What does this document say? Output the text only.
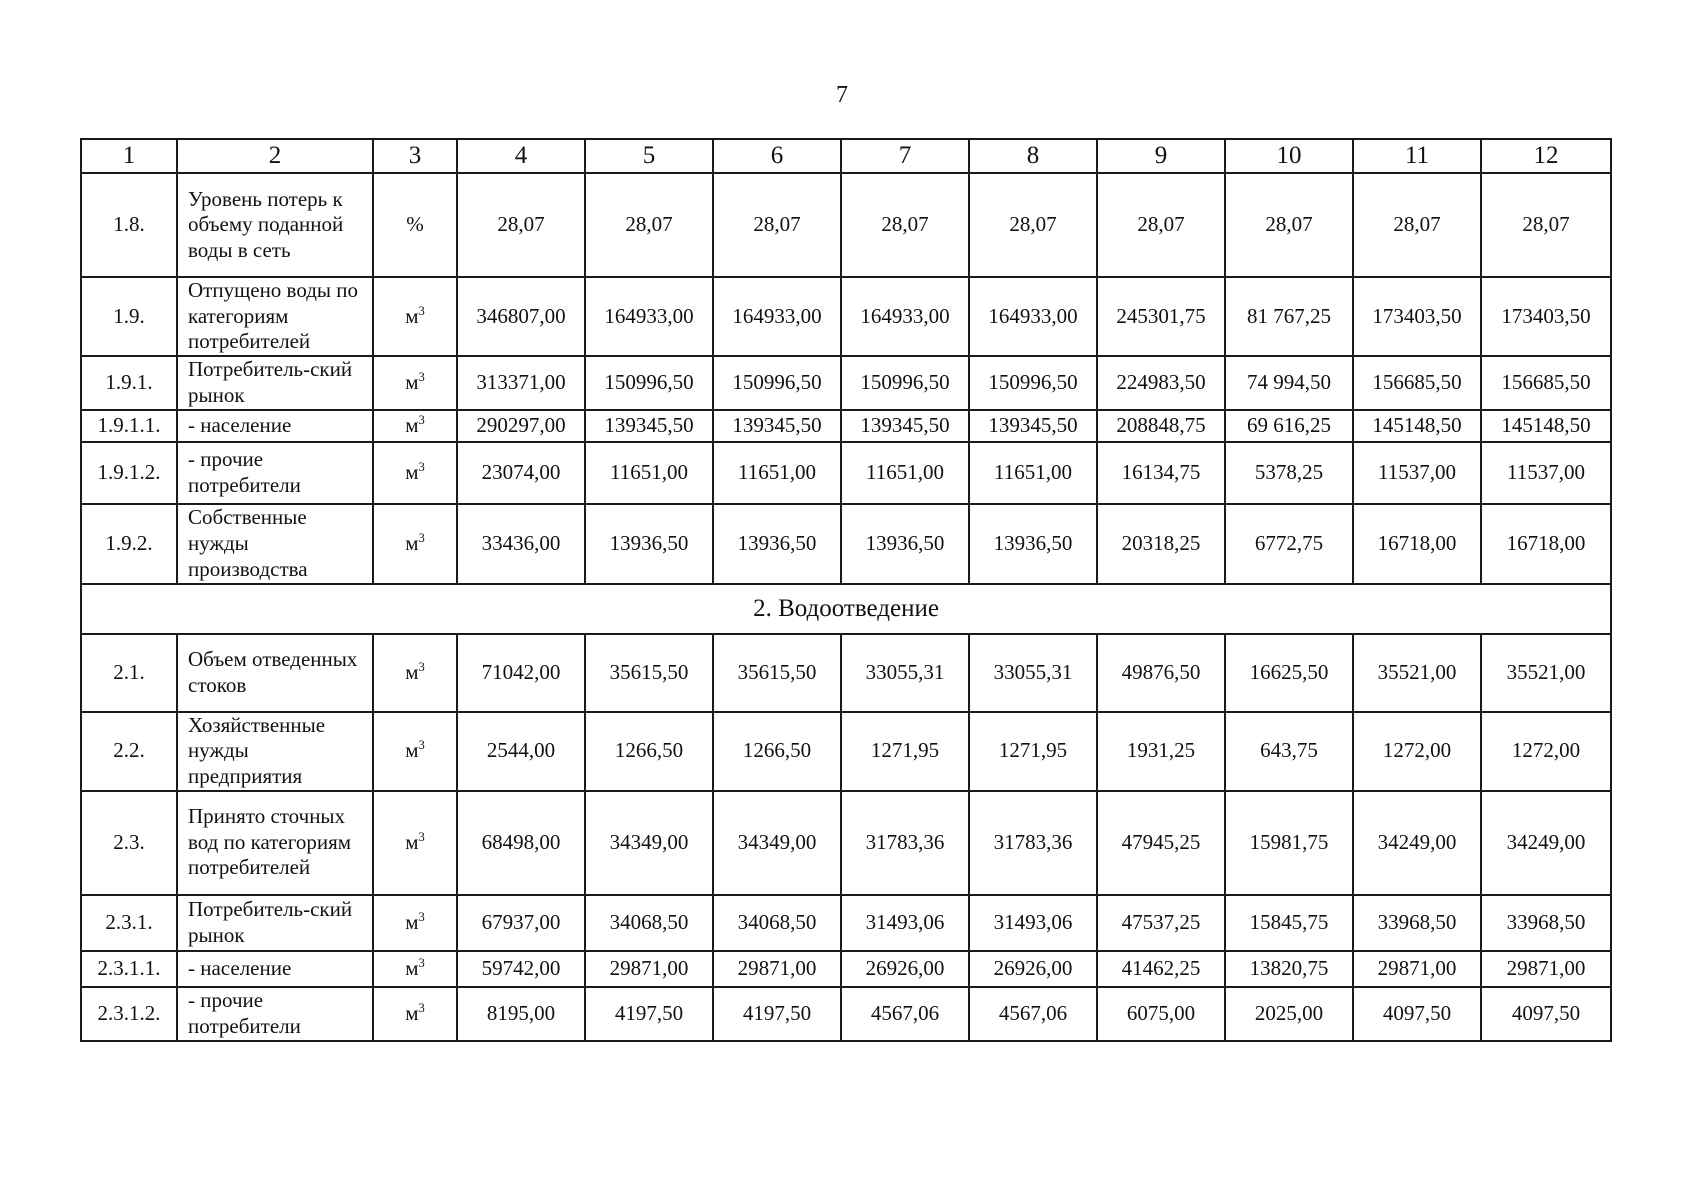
7
1	2	3	4	5	6	7	8	9	10	11	12
1.8.	Уровень потерь к объему поданной воды в сеть	%	28,07	28,07	28,07	28,07	28,07	28,07	28,07	28,07	28,07
1.9.	Отпущено воды по категориям потребителей	$м^3$	346807,00	164933,00	164933,00	164933,00	164933,00	245301,75	81 767,25	173403,50	173403,50
1.9.1.	Потребитель-ский рынок	$м^3$	313371,00	150996,50	150996,50	150996,50	150996,50	224983,50	74 994,50	156685,50	156685,50
1.9.1.1.	- население	$м^3$	290297,00	139345,50	139345,50	139345,50	139345,50	208848,75	69 616,25	145148,50	145148,50
1.9.1.2.	- прочие потребители	$м^3$	23074,00	11651,00	11651,00	11651,00	11651,00	16134,75	5378,25	11537,00	11537,00
1.9.2.	Собственные нужды производства	$м^3$	33436,00	13936,50	13936,50	13936,50	13936,50	20318,25	6772,75	16718,00	16718,00
2. Водоотведение											
2.1.	Объем отведенных стоков	$м^3$	71042,00	35615,50	35615,50	33055,31	33055,31	49876,50	16625,50	35521,00	35521,00
2.2.	Хозяйственные нужды предприятия	$м^3$	2544,00	1266,50	1266,50	1271,95	1271,95	1931,25	643,75	1272,00	1272,00
2.3.	Принято сточных вод по категориям потребителей	$м^3$	68498,00	34349,00	34349,00	31783,36	31783,36	47945,25	15981,75	34249,00	34249,00
2.3.1.	Потребитель-ский рынок	$м^3$	67937,00	34068,50	34068,50	31493,06	31493,06	47537,25	15845,75	33968,50	33968,50
2.3.1.1.	- население	$м^3$	59742,00	29871,00	29871,00	26926,00	26926,00	41462,25	13820,75	29871,00	29871,00
2.3.1.2.	- прочие потребители	$м^3$	8195,00	4197,50	4197,50	4567,06	4567,06	6075,00	2025,00	4097,50	4097,50
